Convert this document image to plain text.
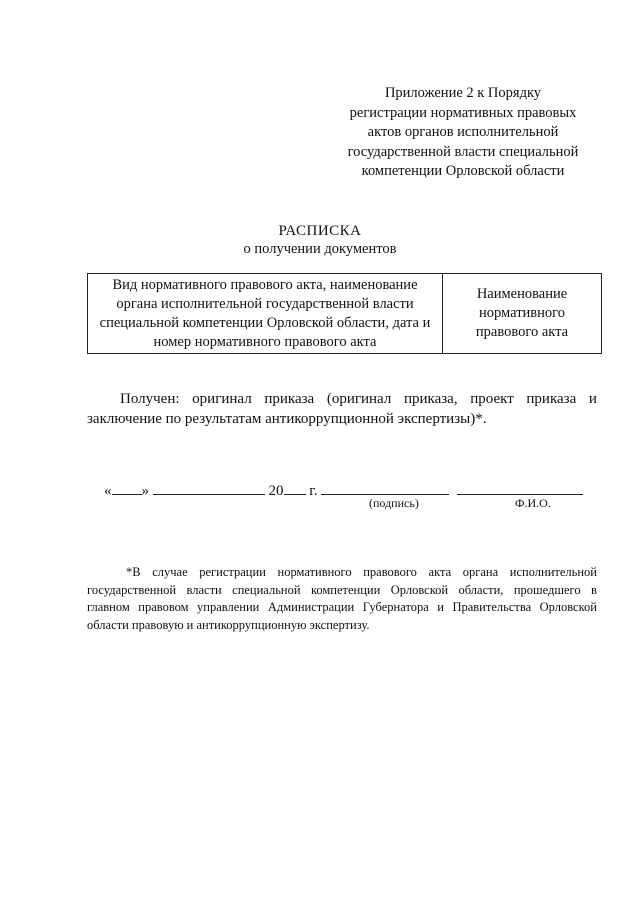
Приложение 2 к Порядку
регистрации нормативных правовых
актов органов исполнительной
государственной власти специальной
компетенции Орловской области
РАСПИСКА
о получении документов
Вид нормативного правового акта, наименование органа исполнительной государственной власти специальной компетенции Орловской области, дата и номер нормативного правового акта
Наименование нормативного правового акта
Получен: оригинал приказа (оригинал приказа, проект приказа и
заключение по результатам антикоррупционной экспертизы)*.
« »	20 г.
(подпись)	Ф.И.О.
*В случае регистрации нормативного правового акта органа исполнительной
государственной власти специальной компетенции Орловской области, прошедшего в
главном правовом управлении Администрации Губернатора и Правительства Орловской
области правовую и антикоррупционную экспертизу.
